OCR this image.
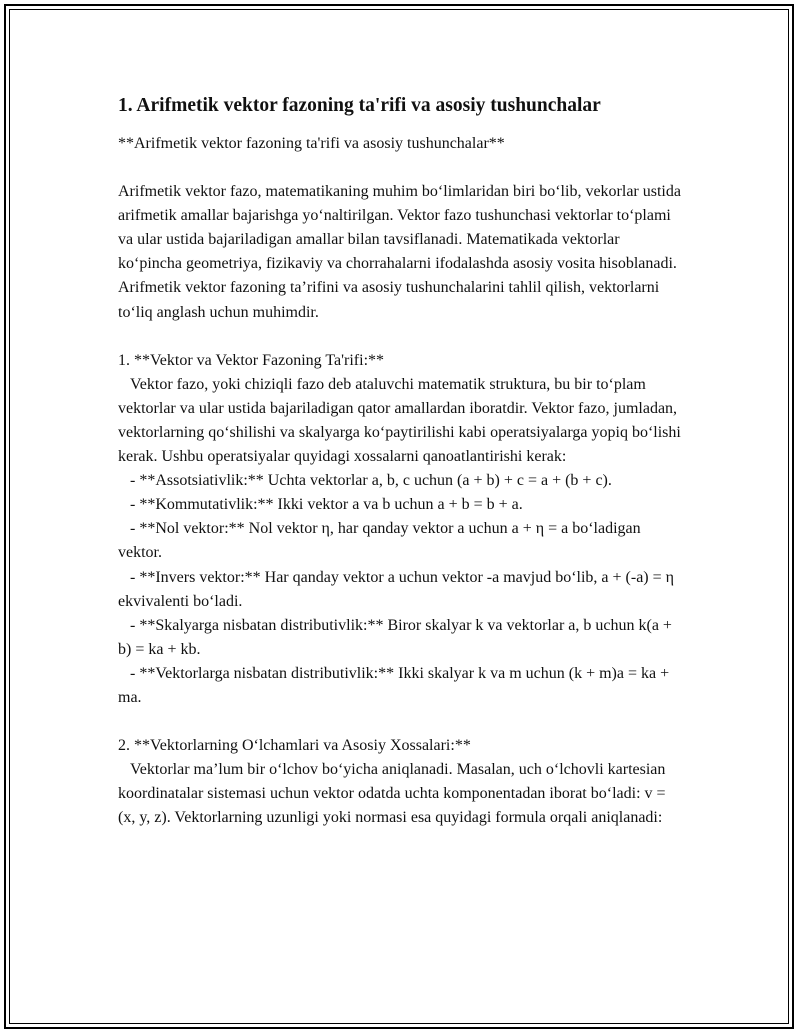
1. Arifmetik vektor fazoning ta'rifi va asosiy tushunchalar

**Arifmetik vektor fazoning ta'rifi va asosiy tushunchalar**

Arifmetik vektor fazo, matematikaning muhim bo‘limlaridan biri bo‘lib, vekorlar ustida arifmetik amallar bajarishga yo‘naltirilgan. Vektor fazo tushunchasi vektorlar to‘plami va ular ustida bajariladigan amallar bilan tavsiflanadi. Matematikada vektorlar ko‘pincha geometriya, fizikaviy va chorrahalarni ifodalashda asosiy vosita hisoblanadi. Arifmetik vektor fazoning ta’rifini va asosiy tushunchalarini tahlil qilish, vektorlarni to‘liq anglash uchun muhimdir.

1. **Vektor va Vektor Fazoning Ta'rifi:**

Vektor fazo, yoki chiziqli fazo deb ataluvchi matematik struktura, bu bir to‘plam vektorlar va ular ustida bajariladigan qator amallardan iboratdir. Vektor fazo, jumladan, vektorlarning qo‘shilishi va skalyarga ko‘paytirilishi kabi operatsiyalarga yopiq bo‘lishi kerak. Ushbu operatsiyalar quyidagi xossalarni qanoatlantirishi kerak:

- **Assotsiativlik:** Uchta vektorlar a, b, c uchun (a + b) + c = a + (b + c).

- **Kommutativlik:** Ikki vektor a va b uchun a + b = b + a.

- **Nol vektor:** Nol vektor η, har qanday vektor a uchun a + η = a bo‘ladigan vektor.

- **Invers vektor:** Har qanday vektor a uchun vektor -a mavjud bo‘lib, a + (-a) = η ekvivalenti bo‘ladi.

- **Skalyarga nisbatan distributivlik:** Biror skalyar k va vektorlar a, b uchun k(a + b) = ka + kb.

- **Vektorlarga nisbatan distributivlik:** Ikki skalyar k va m uchun (k + m)a = ka + ma.

2. **Vektorlarning O‘lchamlari va Asosiy Xossalari:**

Vektorlar ma’lum bir o‘lchov bo‘yicha aniqlanadi. Masalan, uch o‘lchovli kartesian koordinatalar sistemasi uchun vektor odatda uchta komponentadan iborat bo‘ladi: v = (x, y, z). Vektorlarning uzunligi yoki normasi esa quyidagi formula orqali aniqlanadi:
